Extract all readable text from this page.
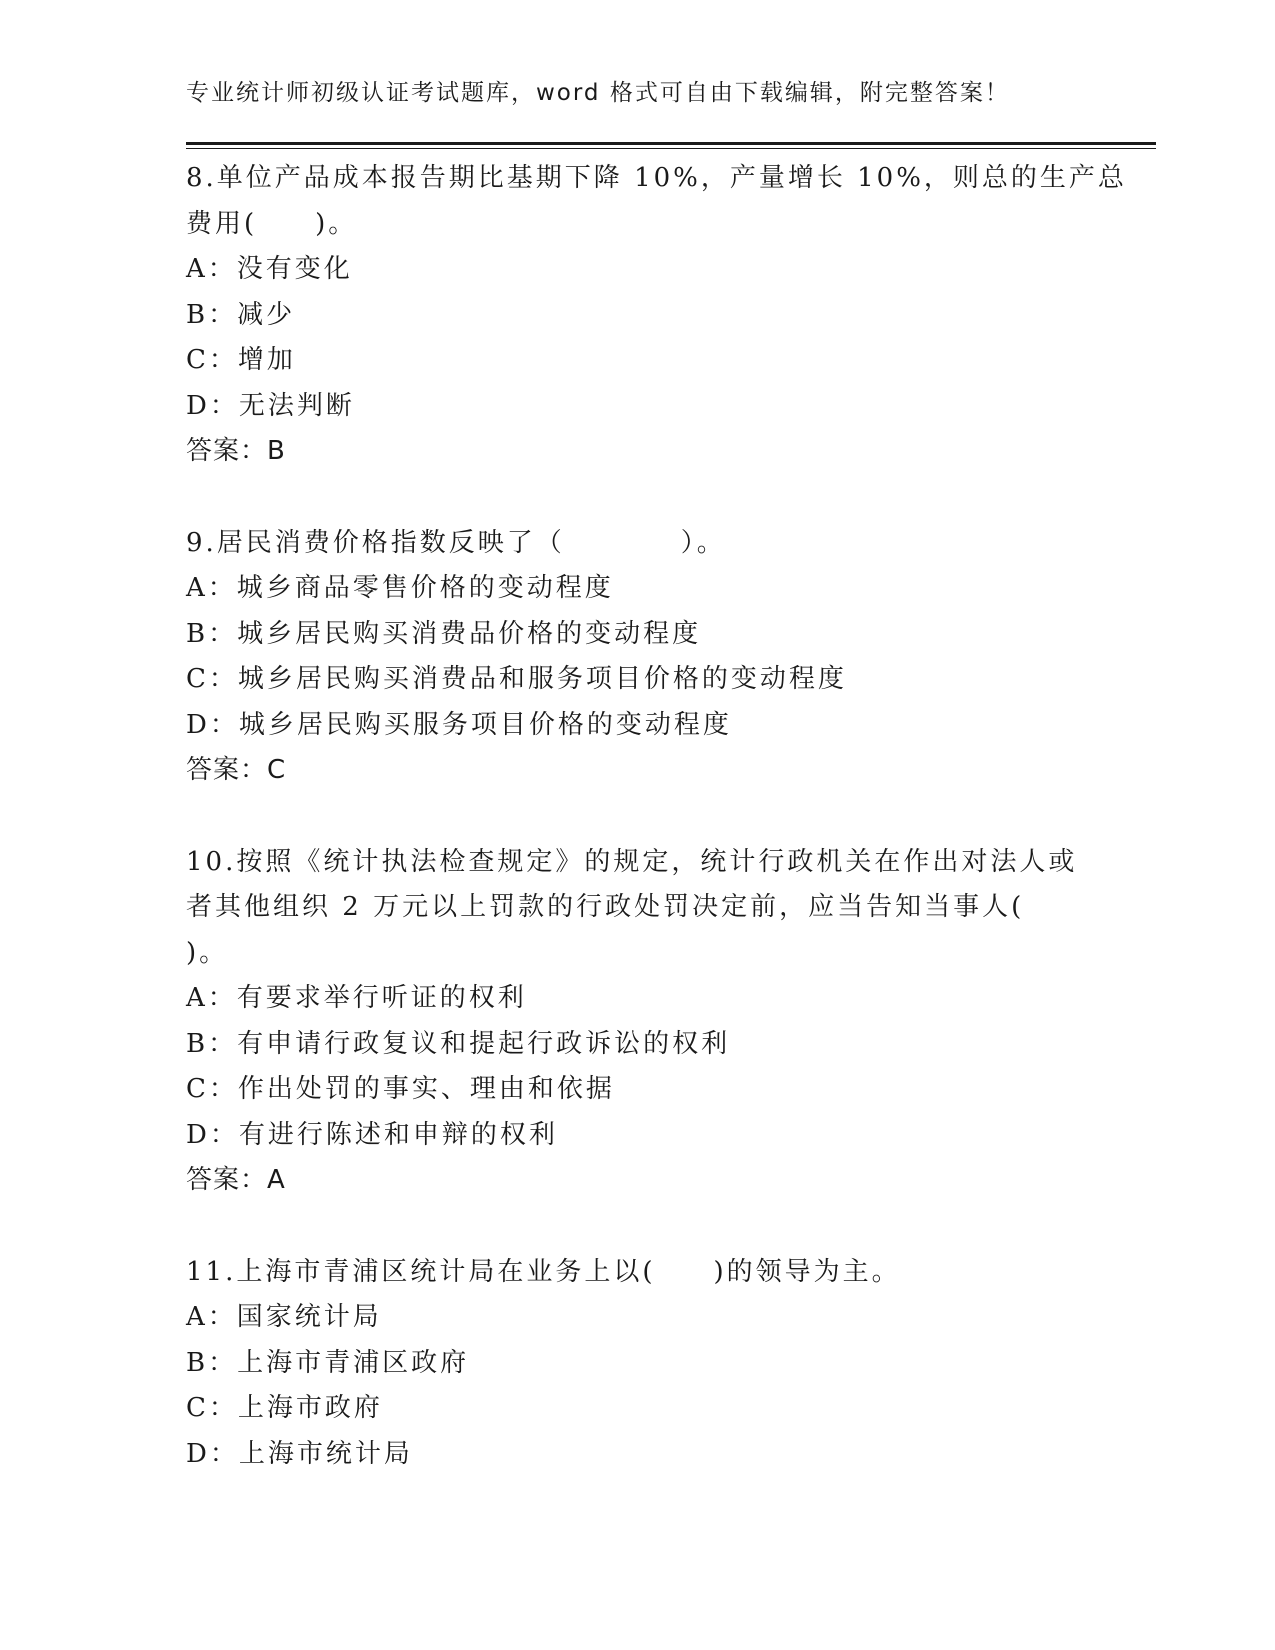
专业统计师初级认证考试题库，word 格式可自由下载编辑，附完整答案！
8.单位产品成本报告期比基期下降 10%，产量增长 10%，则总的生产总
费用(　　)。
A：没有变化
B：减少
C：增加
D：无法判断
答案：B
9.居民消费价格指数反映了（　　　　）。
A：城乡商品零售价格的变动程度
B：城乡居民购买消费品价格的变动程度
C：城乡居民购买消费品和服务项目价格的变动程度
D：城乡居民购买服务项目价格的变动程度
答案：C
10.按照《统计执法检查规定》的规定，统计行政机关在作出对法人或
者其他组织 2 万元以上罚款的行政处罚决定前，应当告知当事人(
)。
A：有要求举行听证的权利
B：有申请行政复议和提起行政诉讼的权利
C：作出处罚的事实、理由和依据
D：有进行陈述和申辩的权利
答案：A
11.上海市青浦区统计局在业务上以(　　)的领导为主。
A：国家统计局
B：上海市青浦区政府
C：上海市政府
D：上海市统计局
